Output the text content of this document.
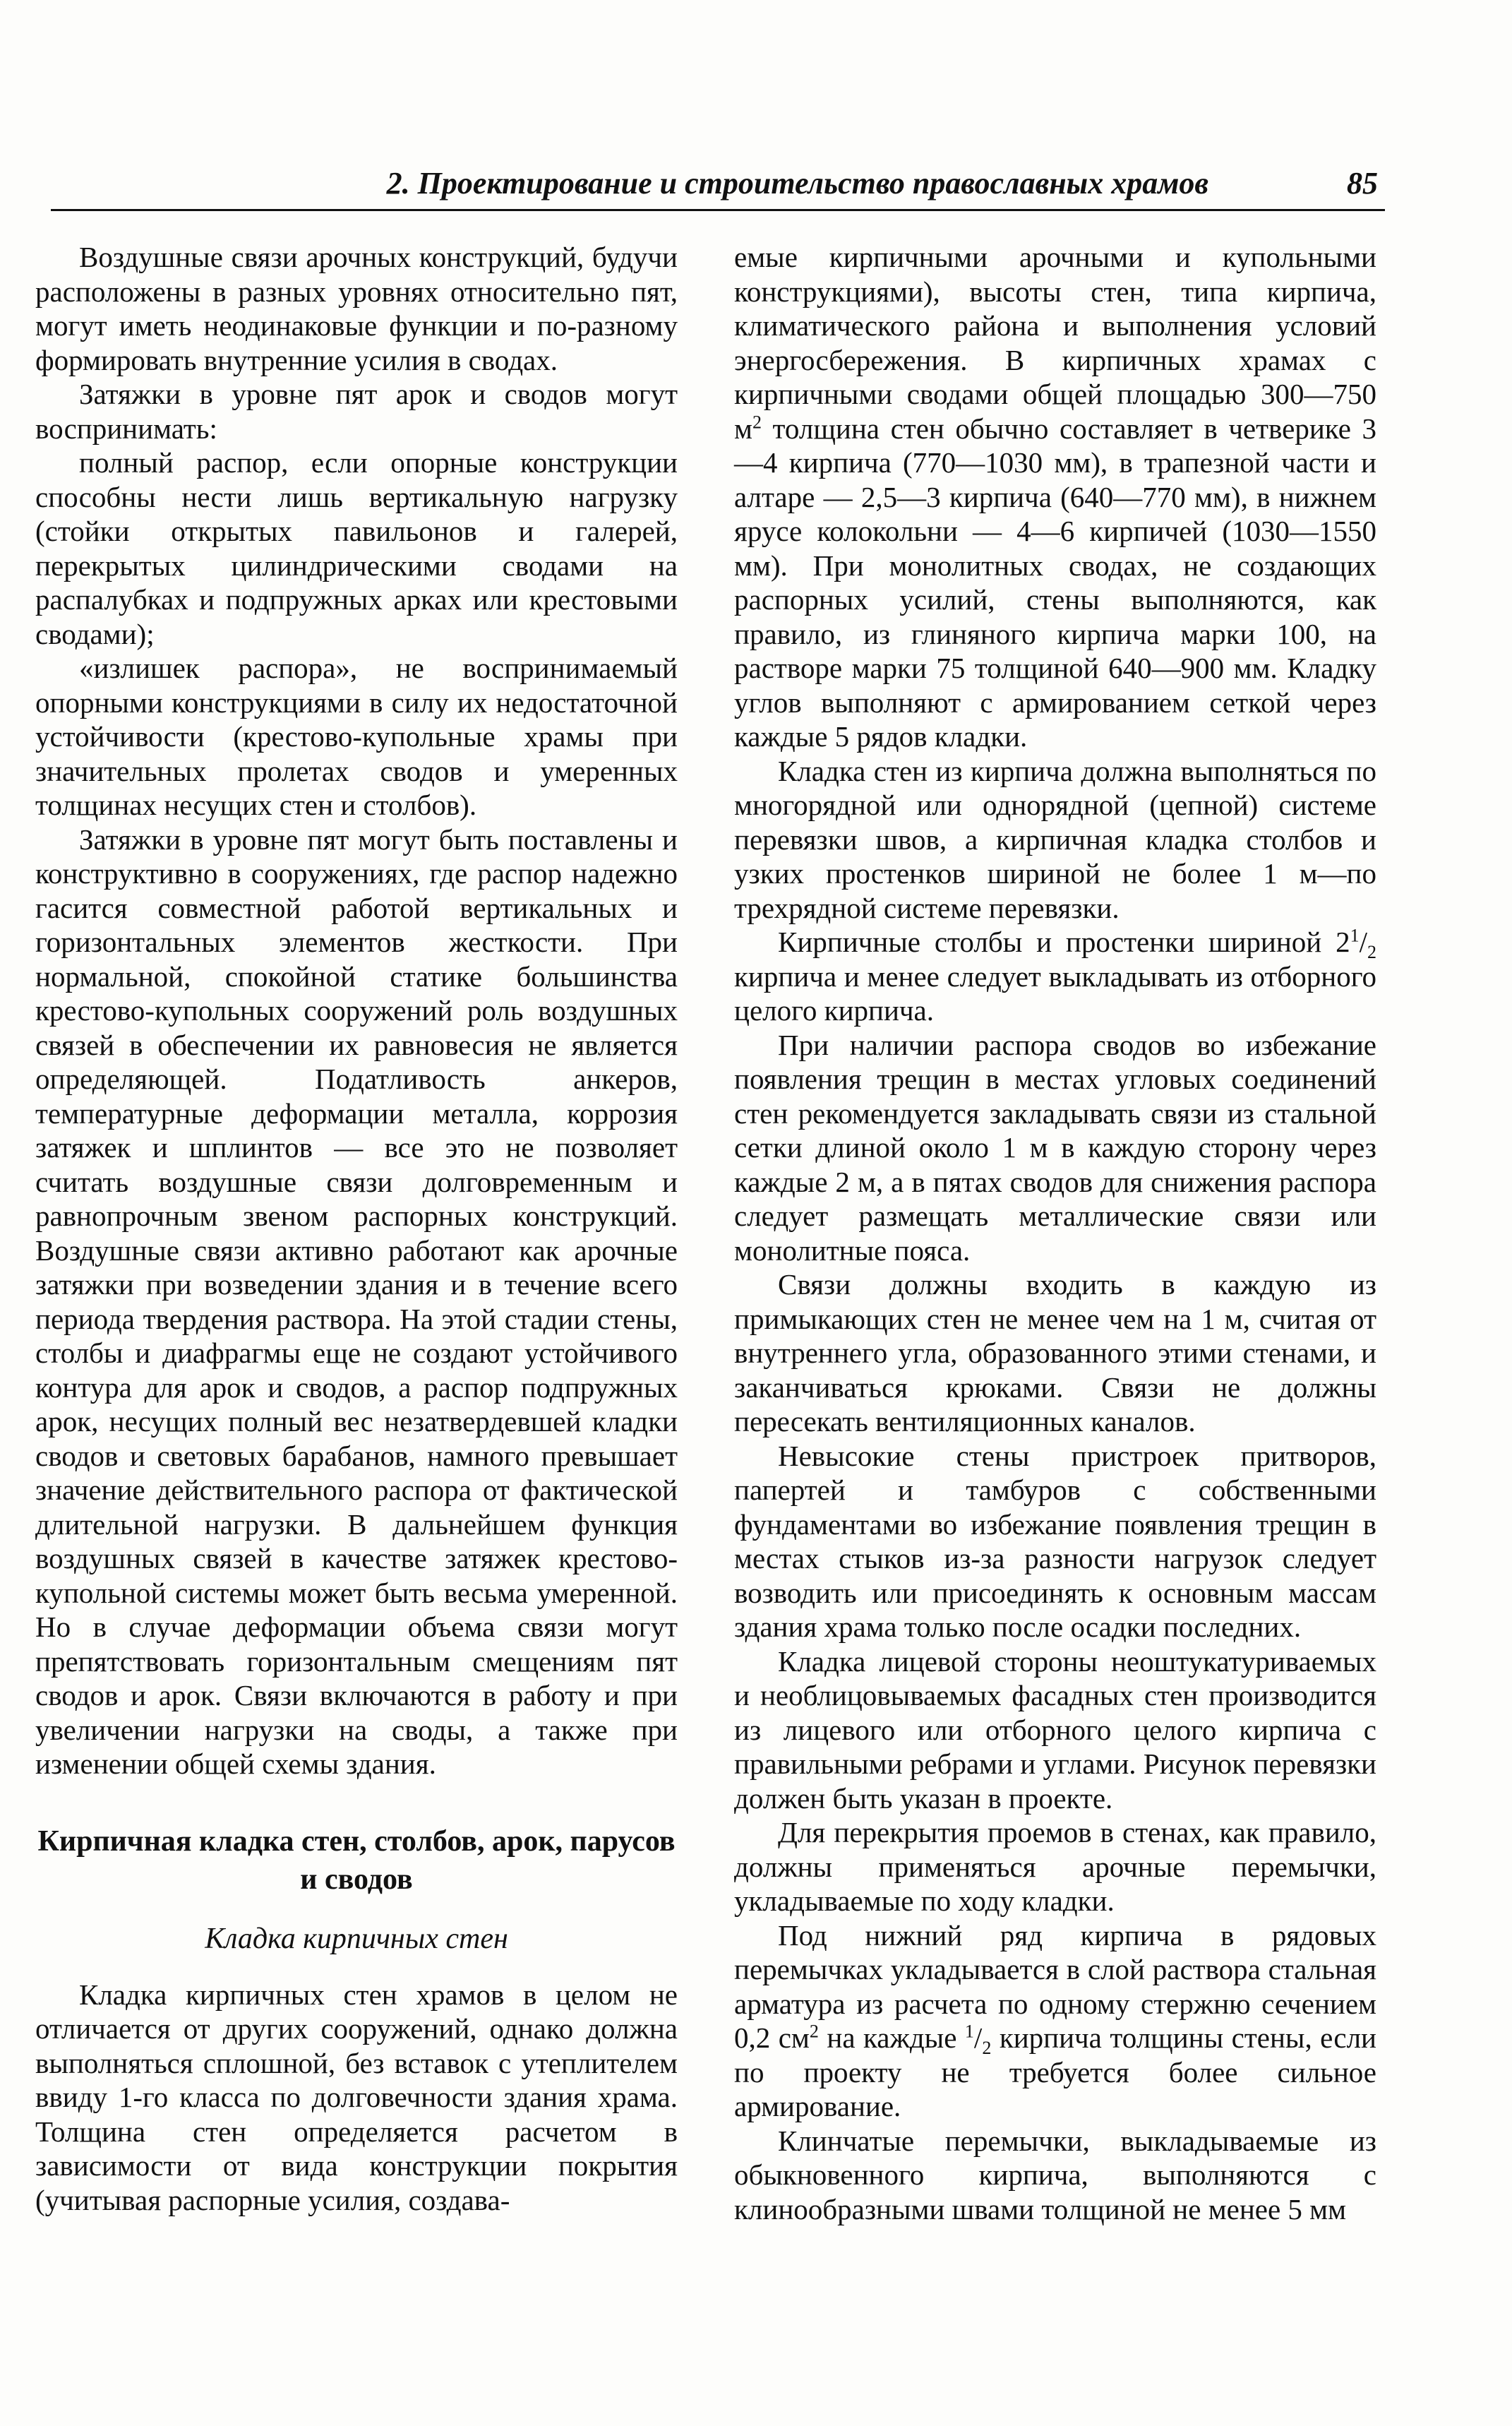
2. Проектирование и строительство православных храмов	85

Воздушные связи арочных конструкций, будучи расположены в разных уровнях относительно пят, могут иметь неодинаковые функции и по-разному формировать внутренние усилия в сводах.

Затяжки в уровне пят арок и сводов могут воспринимать:

полный распор, если опорные конструкции способны нести лишь вертикальную нагрузку (стойки открытых павильонов и галерей, перекрытых цилиндрическими сводами на распалубках и подпружных арках или крестовыми сводами);

«излишек распора», не воспринимаемый опорными конструкциями в силу их недостаточной устойчивости (крестово-купольные храмы при значительных пролетах сводов и умеренных толщинах несущих стен и столбов).

Затяжки в уровне пят могут быть поставлены и конструктивно в сооружениях, где распор надежно гасится совместной работой вертикальных и горизонтальных элементов жесткости. При нормальной, спокойной статике большинства крестово-купольных сооружений роль воздушных связей в обеспечении их равновесия не является определяющей. Податливость анкеров, температурные деформации металла, коррозия затяжек и шплинтов — все это не позволяет считать воздушные связи долговременным и равнопрочным звеном распорных конструкций. Воздушные связи активно работают как арочные затяжки при возведении здания и в течение всего периода твердения раствора. На этой стадии стены, столбы и диафрагмы еще не создают устойчивого контура для арок и сводов, а распор подпружных арок, несущих полный вес незатвердевшей кладки сводов и световых барабанов, намного превышает значение действительного распора от фактической длительной нагрузки. В дальнейшем функция воздушных связей в качестве затяжек крестово-купольной системы может быть весьма умеренной. Но в случае деформации объема связи могут препятствовать горизонтальным смещениям пят сводов и арок. Связи включаются в работу и при увеличении нагрузки на своды, а также при изменении общей схемы здания.

Кирпичная кладка стен, столбов, арок, парусов и сводов
Кладка кирпичных стен

Кладка кирпичных стен храмов в целом не отличается от других сооружений, однако должна выполняться сплошной, без вставок с утеплителем ввиду 1-го класса по долговечности здания храма. Толщина стен определяется расчетом в зависимости от вида конструкции покрытия (учитывая распорные усилия, создава-

емые кирпичными арочными и купольными конструкциями), высоты стен, типа кирпича, климатического района и выполнения условий энергосбережения. В кирпичных храмах с кирпичными сводами общей площадью 300—750 $м^2$ толщина стен обычно составляет в четверике 3—4 кирпича (770—1030 мм), в трапезной части и алтаре — 2,5—3 кирпича (640—770 мм), в нижнем ярусе колокольни — 4—6 кирпичей (1030—1550 мм). При монолитных сводах, не создающих распорных усилий, стены выполняются, как правило, из глиняного кирпича марки 100, на растворе марки 75 толщиной 640—900 мм. Кладку углов выполняют с армированием сеткой через каждые 5 рядов кладки.

Кладка стен из кирпича должна выполняться по многорядной или однорядной (цепной) системе перевязки швов, а кирпичная кладка столбов и узких простенков шириной не более 1 м—по трехрядной системе перевязки.

Кирпичные столбы и простенки шириной $2^1/_2$ кирпича и менее следует выкладывать из отборного целого кирпича.

При наличии распора сводов во избежание появления трещин в местах угловых соединений стен рекомендуется закладывать связи из стальной сетки длиной около 1 м в каждую сторону через каждые 2 м, а в пятах сводов для снижения распора следует размещать металлические связи или монолитные пояса.

Связи должны входить в каждую из примыкающих стен не менее чем на 1 м, считая от внутреннего угла, образованного этими стенами, и заканчиваться крюками. Связи не должны пересекать вентиляционных каналов.

Невысокие стены пристроек притворов, папертей и тамбуров с собственными фундаментами во избежание появления трещин в местах стыков из-за разности нагрузок следует возводить или присоединять к основным массам здания храма только после осадки последних.

Кладка лицевой стороны неоштукатуриваемых и необлицовываемых фасадных стен производится из лицевого или отборного целого кирпича с правильными ребрами и углами. Рисунок перевязки должен быть указан в проекте.

Для перекрытия проемов в стенах, как правило, должны применяться арочные перемычки, укладываемые по ходу кладки.

Под нижний ряд кирпича в рядовых перемычках укладывается в слой раствора стальная арматура из расчета по одному стержню сечением 0,2 $см^2$ на каждые $^1/_2$ кирпича толщины стены, если по проекту не требуется более сильное армирование.

Клинчатые перемычки, выкладываемые из обыкновенного кирпича, выполняются с клинообразными швами толщиной не менее 5 мм
